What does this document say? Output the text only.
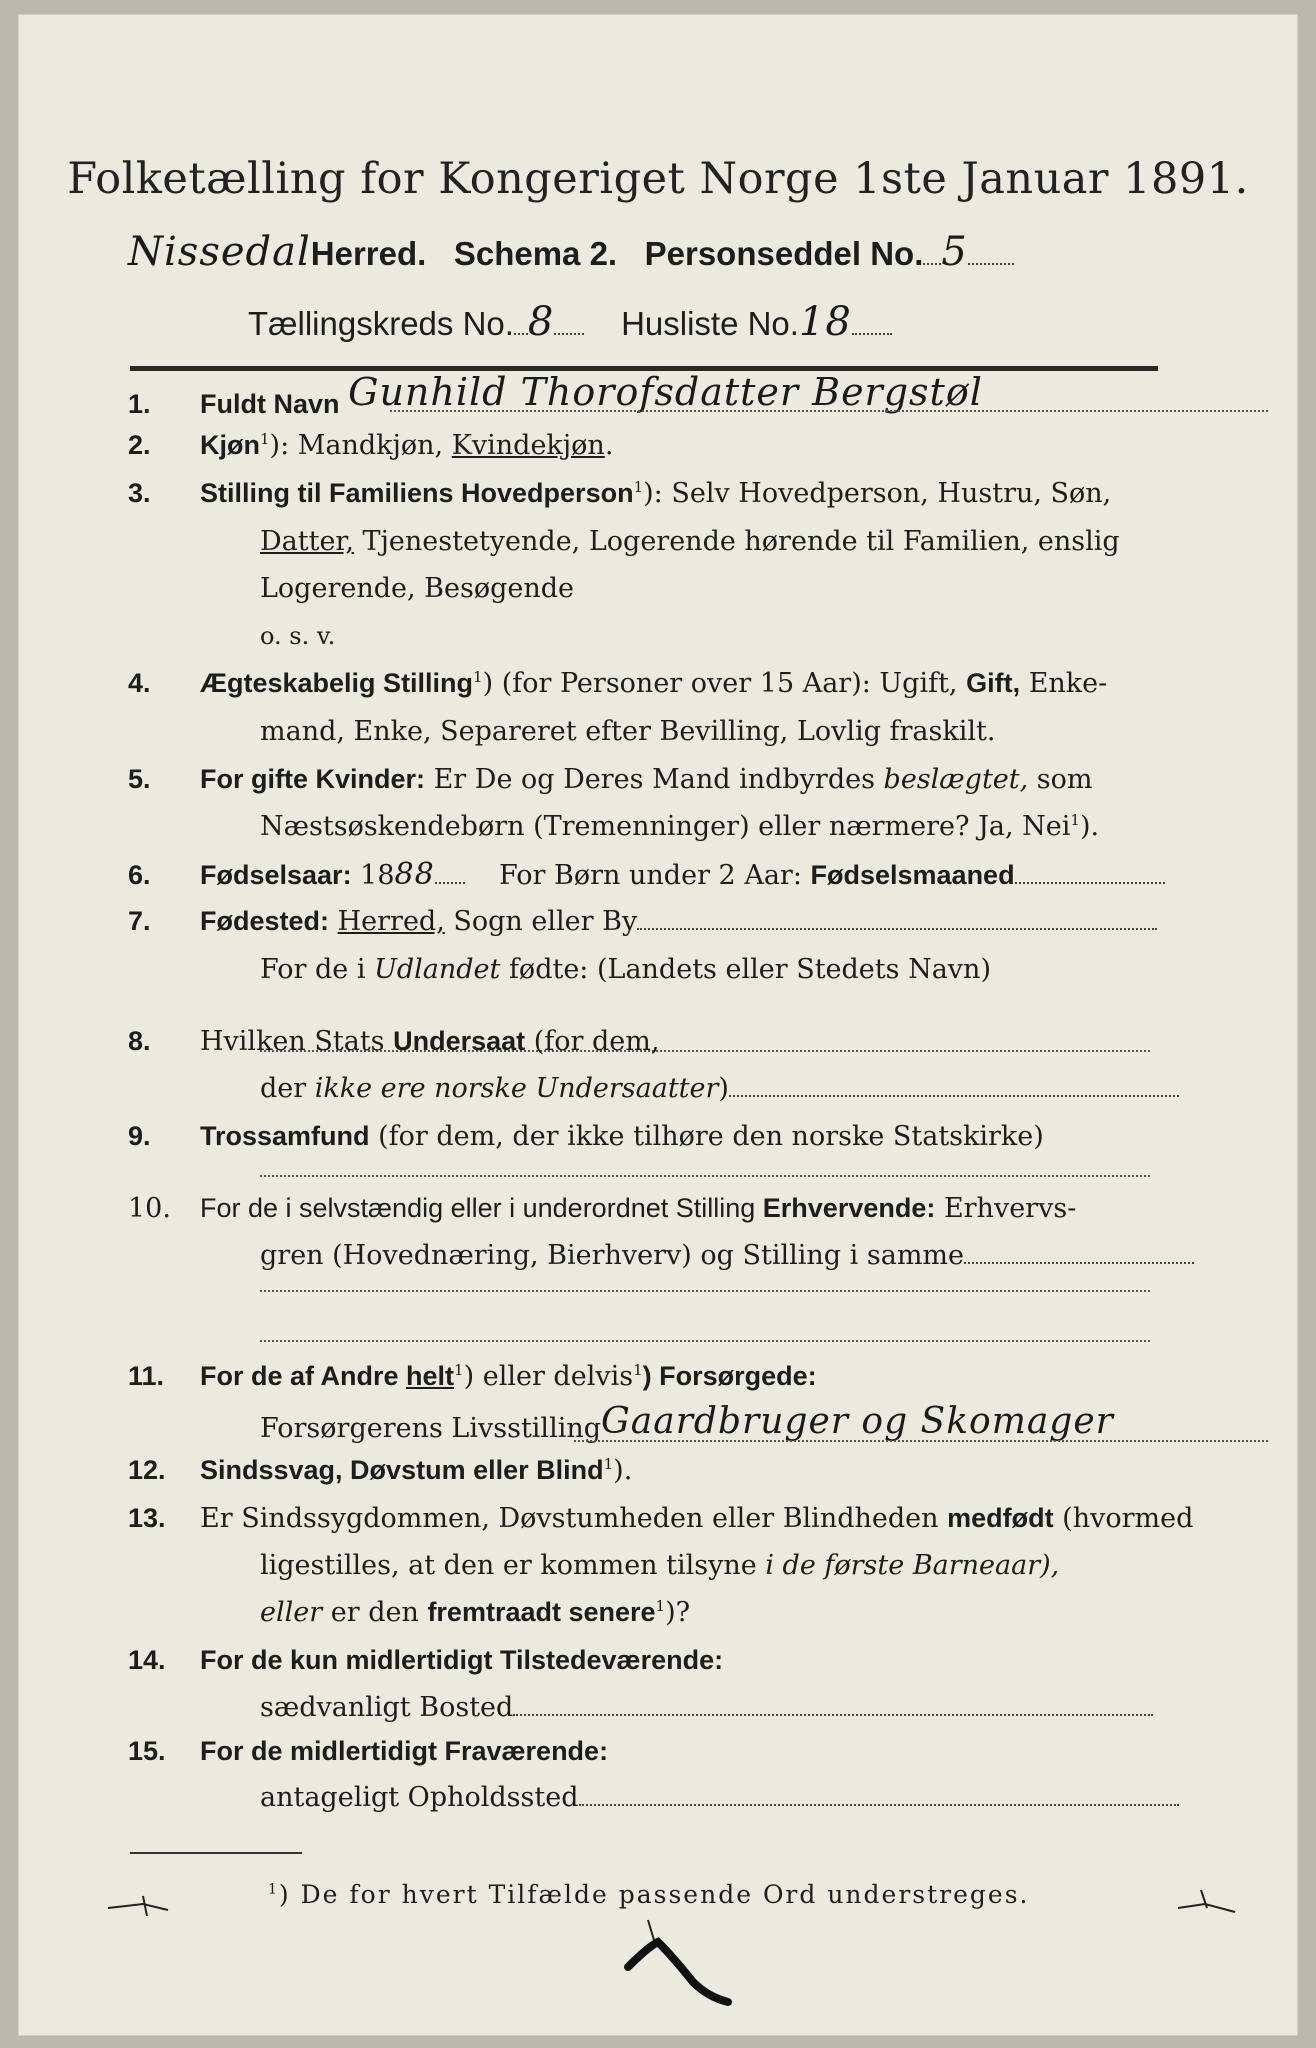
Folketælling for Kongeriget Norge 1ste Januar 1891.
NissedalHerred. Schema 2. Personseddel No. 5
Tællingskreds No. 8 Husliste No.18
1. Fuldt Navn Gunhild Thorofsdatter Bergstøl
2. Kjøn$^1$): Mandkjøn, Kvindekjøn.
3. Stilling til Familiens Hovedperson$^1$): Selv Hovedperson, Hustru, Søn,
Datter, Tjenestetyende, Logerende hørende til Familien, enslig
Logerende, Besøgende
o. s. v.
4. Ægteskabelig Stilling$^1$) (for Personer over 15 Aar): Ugift, Gift, Enke-
mand, Enke, Separeret efter Bevilling, Lovlig fraskilt.
5. For gifte Kvinder: Er De og Deres Mand indbyrdes beslægtet, som
Næstsøskendebørn (Tremenninger) eller nærmere? Ja, Nei$^1$).
6. Fødselsaar: 1888 For Børn under 2 Aar: Fødselsmaaned
7. Fødested: Herred, Sogn eller By
For de i Udlandet fødte: (Landets eller Stedets Navn)
8. Hvilken Stats Undersaat (for dem,
der ikke ere norske Undersaatter)
9. Trossamfund (for dem, der ikke tilhøre den norske Statskirke)
10. For de i selvstændig eller i underordnet Stilling Erhvervende: Erhvervs-
gren (Hovednæring, Bierhverv) og Stilling i samme
11. For de af Andre helt$^1$) eller delvis$^1$) Forsørgede:
Forsørgerens LivsstillingGaardbruger og Skomager
12. Sindssvag, Døvstum eller Blind$^1$).
13. Er Sindssygdommen, Døvstumheden eller Blindheden medfødt (hvormed
ligestilles, at den er kommen tilsyne i de første Barneaar),
eller er den fremtraadt senere$^1$)?
14. For de kun midlertidigt Tilstedeværende:
sædvanligt Bosted
15. For de midlertidigt Fraværende:
antageligt Opholdssted
$^1$) De for hvert Tilfælde passende Ord understreges.
